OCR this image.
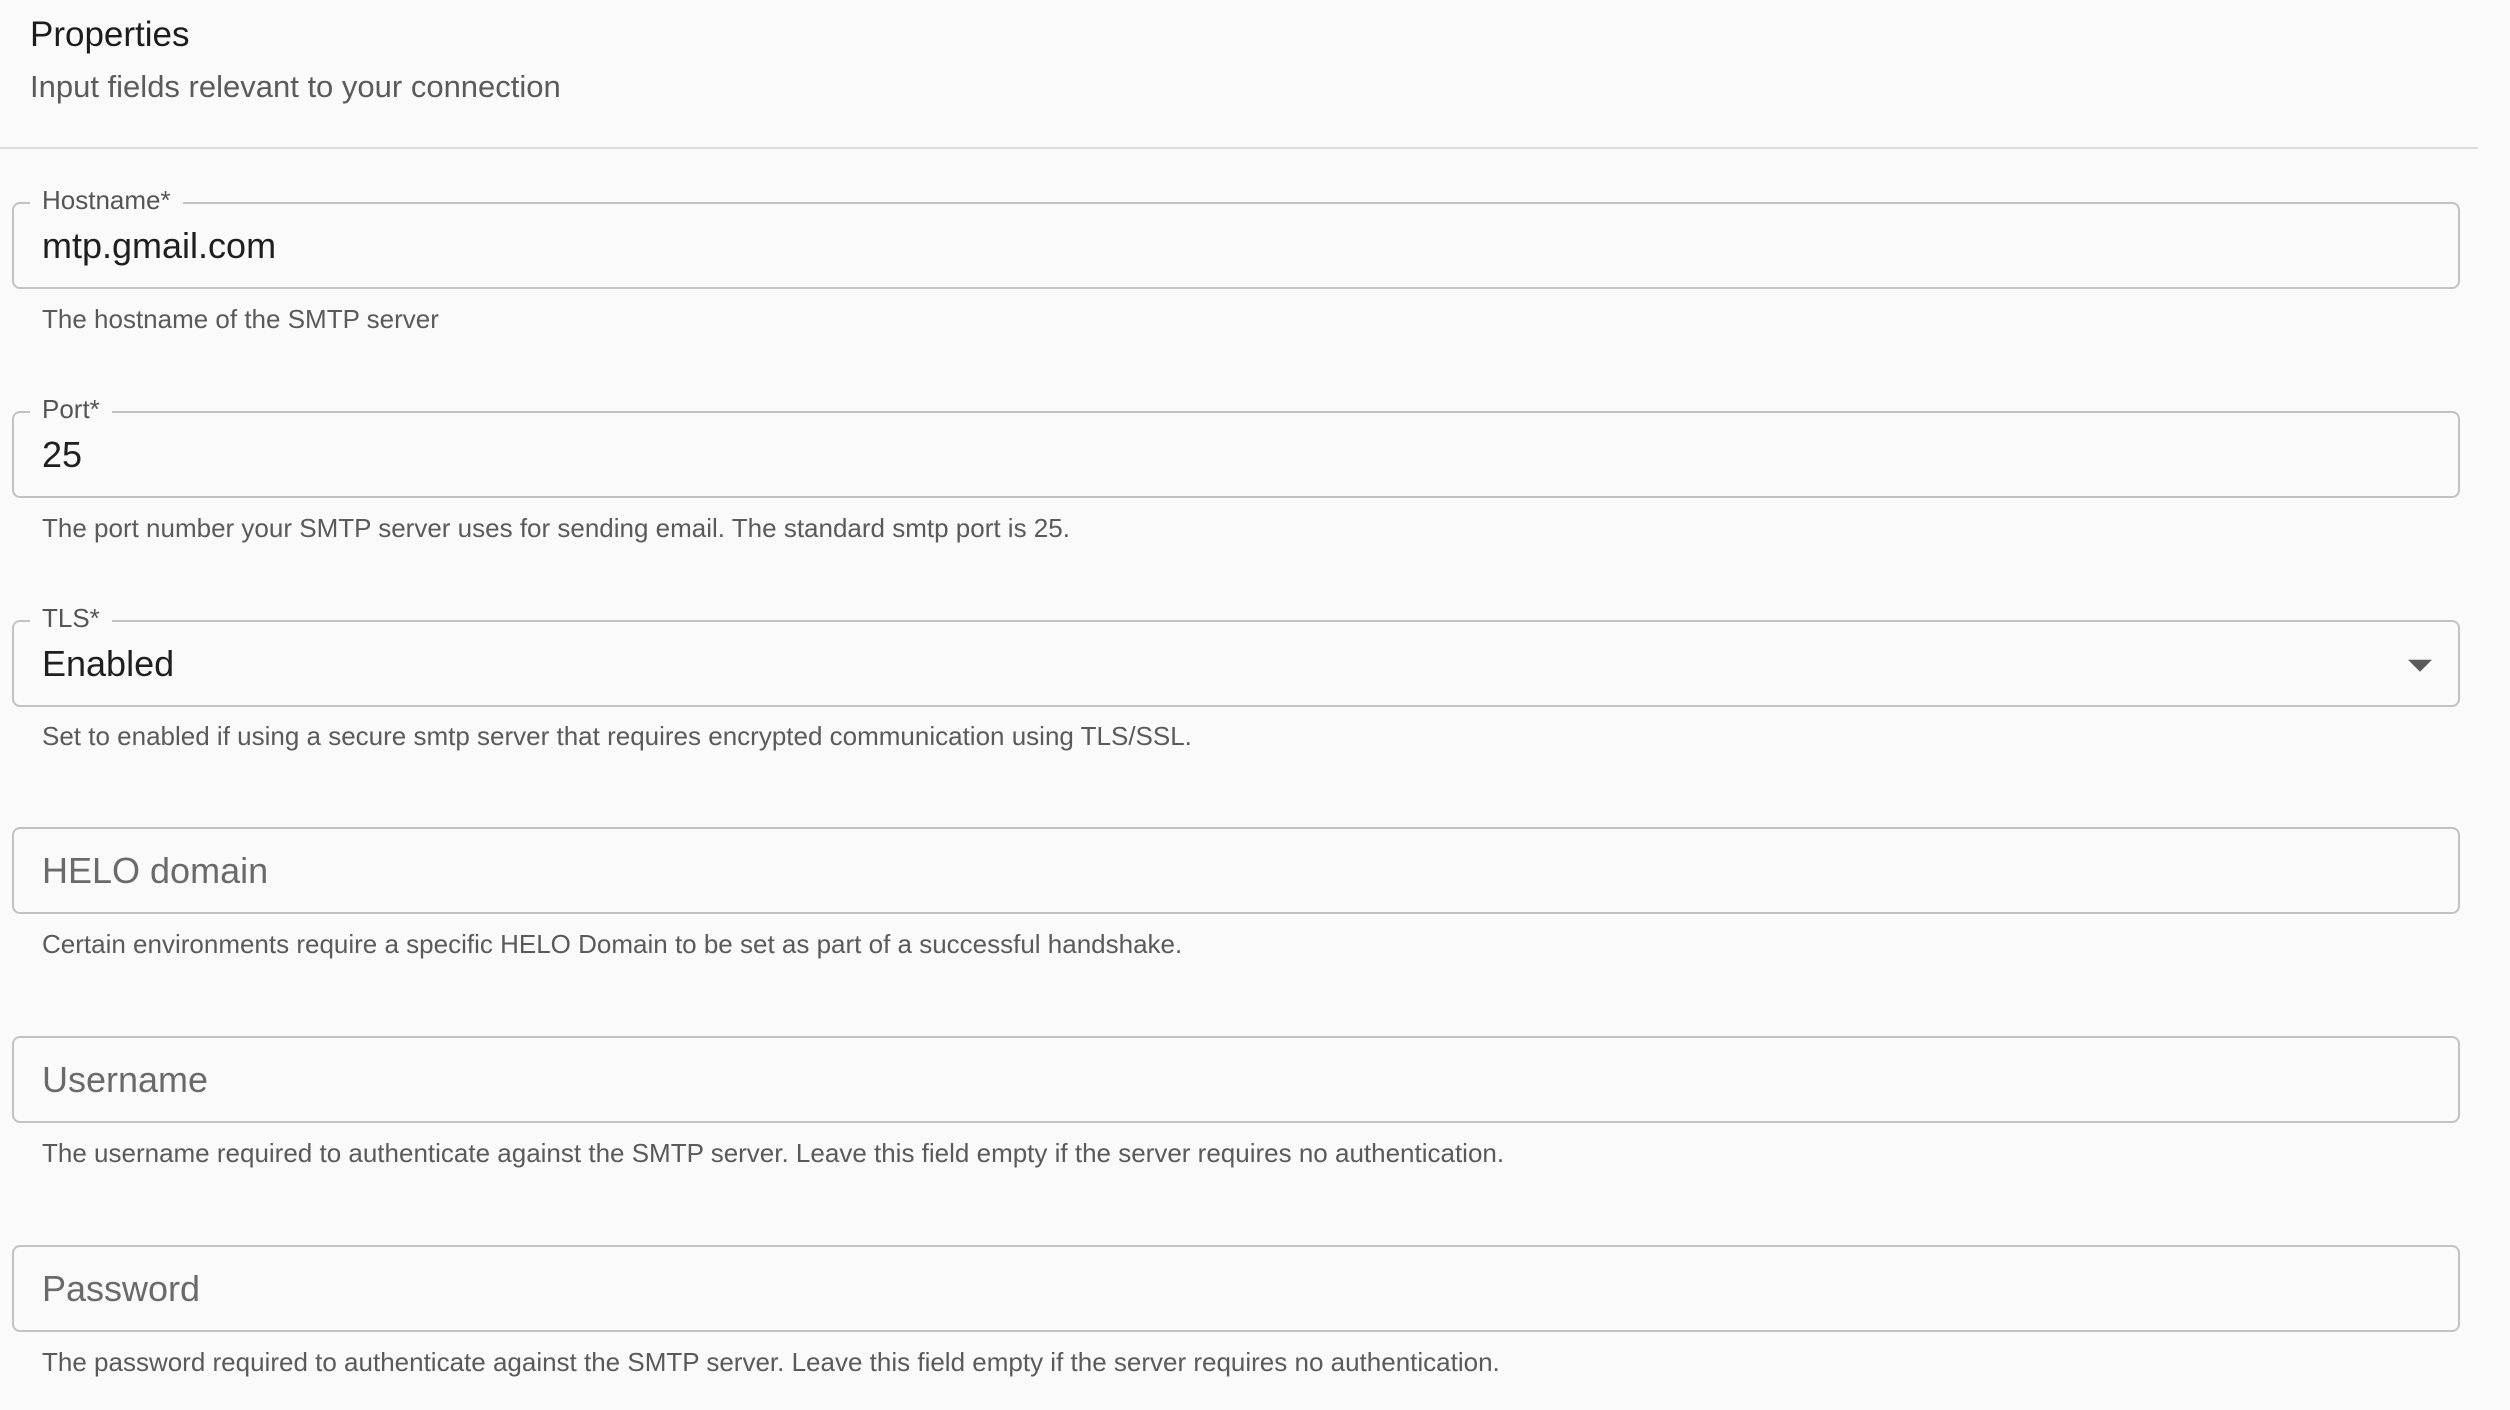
Properties
Input fields relevant to your connection
Hostname*
mtp.gmail.com
The hostname of the SMTP server
Port*
25
The port number your SMTP server uses for sending email. The standard smtp port is 25.
TLS*
Enabled
Set to enabled if using a secure smtp server that requires encrypted communication using TLS/SSL.
HELO domain
Certain environments require a specific HELO Domain to be set as part of a successful handshake.
Username
The username required to authenticate against the SMTP server. Leave this field empty if the server requires no authentication.
The password required to authenticate against the SMTP server. Leave this field empty if the server requires no authentication.
